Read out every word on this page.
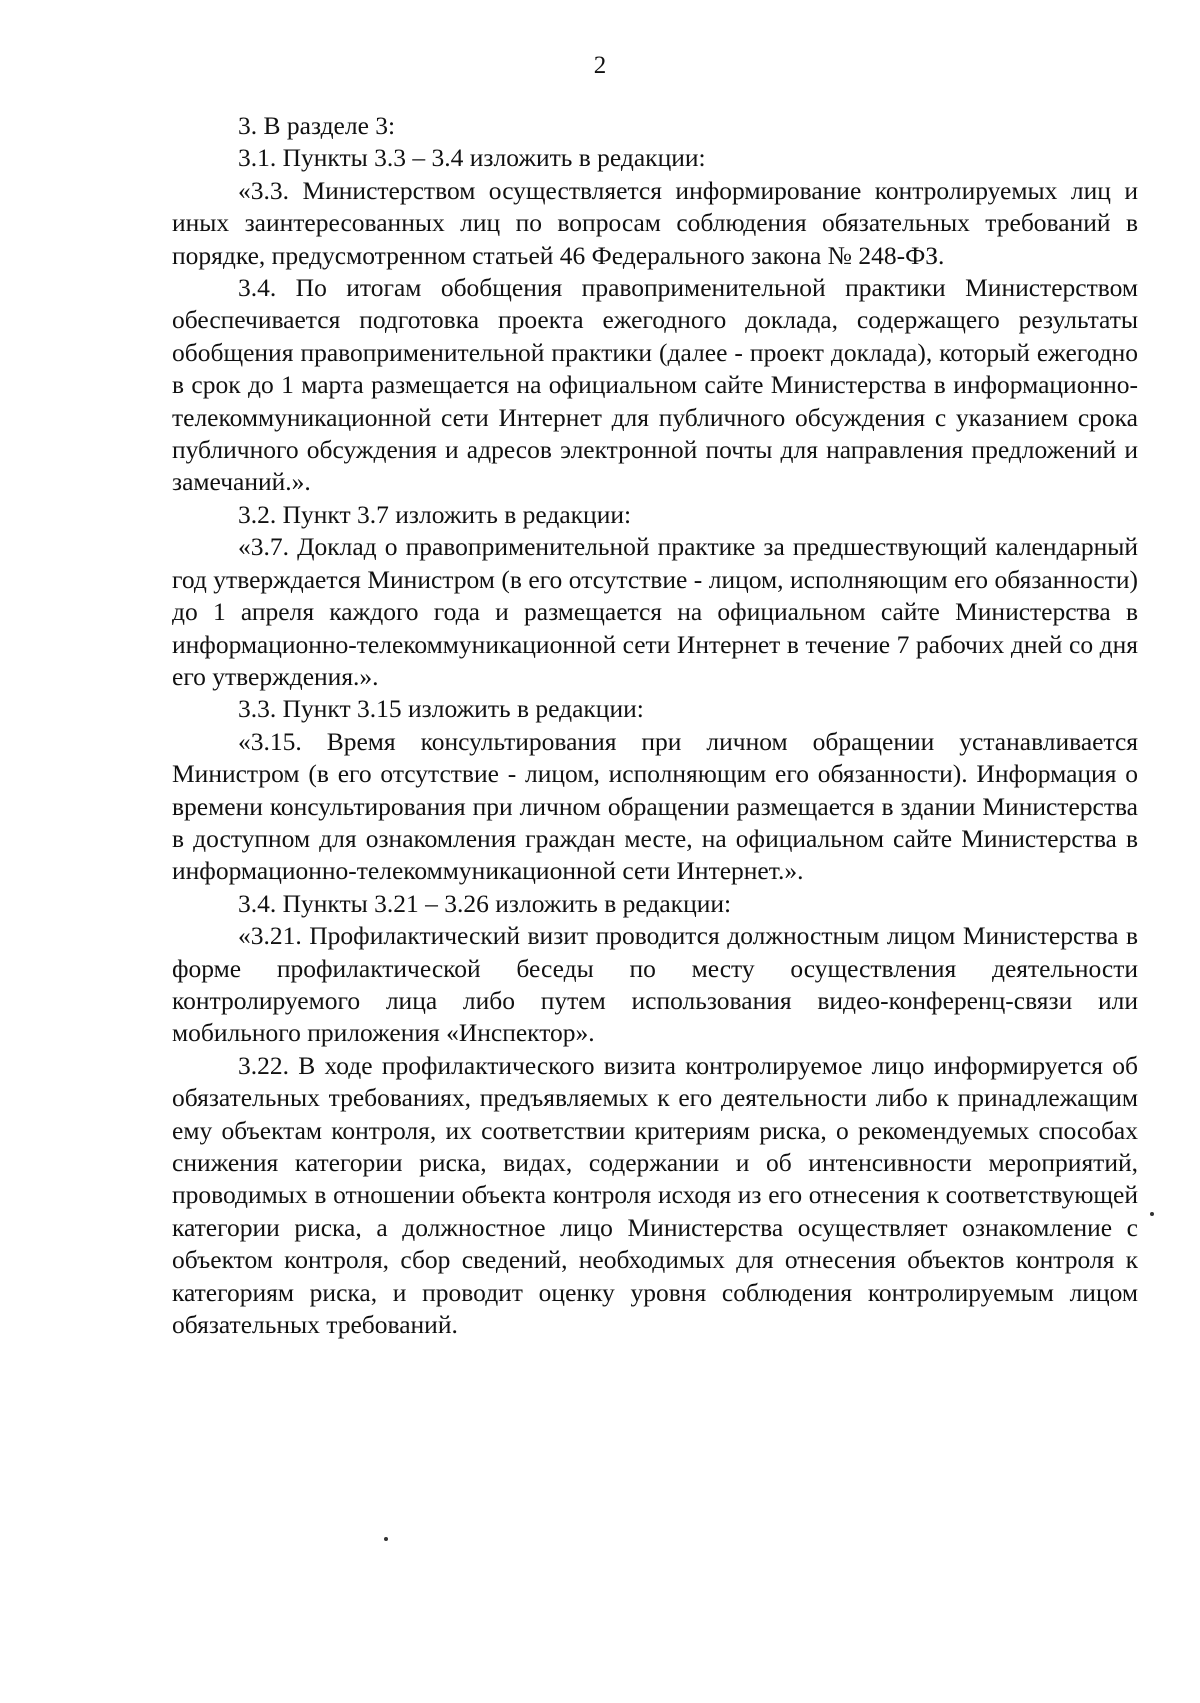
2

3. В разделе 3:

3.1. Пункты 3.3 – 3.4 изложить в редакции:

«3.3. Министерством осуществляется информирование контролируемых лиц и иных заинтересованных лиц по вопросам соблюдения обязательных требований в порядке, предусмотренном статьей 46 Федерального закона № 248-ФЗ.

3.4. По итогам обобщения правоприменительной практики Министерством обеспечивается подготовка проекта ежегодного доклада, содержащего результаты обобщения правоприменительной практики (далее - проект доклада), который ежегодно в срок до 1 марта размещается на официальном сайте Министерства в информационно-телекоммуникационной сети Интернет для публичного обсуждения с указанием срока публичного обсуждения и адресов электронной почты для направления предложений и замечаний.».

3.2. Пункт 3.7 изложить в редакции:

«3.7. Доклад о правоприменительной практике за предшествующий календарный год утверждается Министром (в его отсутствие - лицом, исполняющим его обязанности) до 1 апреля каждого года и размещается на официальном сайте Министерства в информационно-телекоммуникационной сети Интернет в течение 7 рабочих дней со дня его утверждения.».

3.3. Пункт 3.15 изложить в редакции:

«3.15. Время консультирования при личном обращении устанавливается Министром (в его отсутствие - лицом, исполняющим его обязанности). Информация о времени консультирования при личном обращении размещается в здании Министерства в доступном для ознакомления граждан месте, на официальном сайте Министерства в информационно-телекоммуникационной сети Интернет.».

3.4. Пункты 3.21 – 3.26 изложить в редакции:

«3.21. Профилактический визит проводится должностным лицом Министерства в форме профилактической беседы по месту осуществления деятельности контролируемого лица либо путем использования видео-конференц-связи или мобильного приложения «Инспектор».

3.22. В ходе профилактического визита контролируемое лицо информируется об обязательных требованиях, предъявляемых к его деятельности либо к принадлежащим ему объектам контроля, их соответствии критериям риска, о рекомендуемых способах снижения категории риска, видах, содержании и об интенсивности мероприятий, проводимых в отношении объекта контроля исходя из его отнесения к соответствующей категории риска, а должностное лицо Министерства осуществляет ознакомление с объектом контроля, сбор сведений, необходимых для отнесения объектов контроля к категориям риска, и проводит оценку уровня соблюдения контролируемым лицом обязательных требований.
